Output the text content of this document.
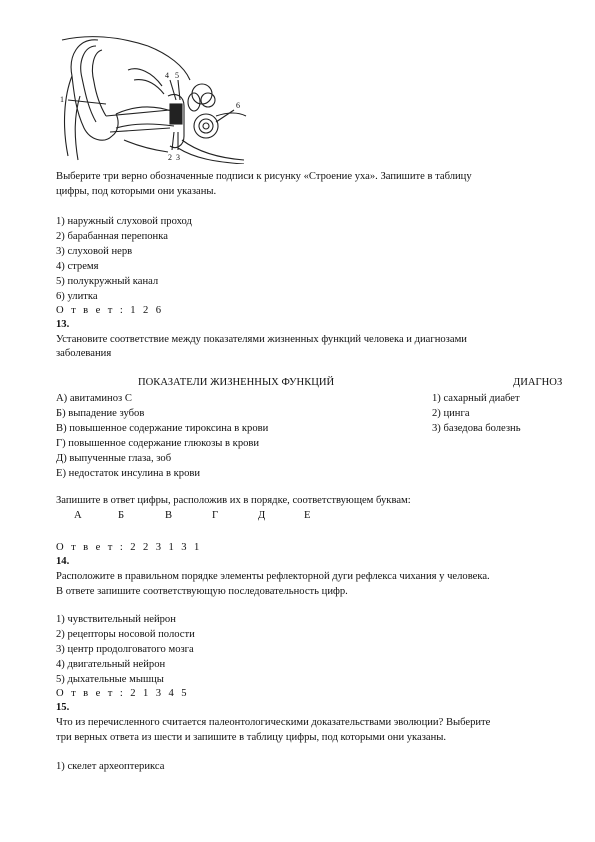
1
2 3
4 5
6
Выберите три верно обозначенные подписи к рисунку «Строение уха». Запишите в таблицу
цифры, под которыми они указаны.
1) наружный слуховой проход
2) барабанная перепонка
3) слуховой нерв
4) стремя
5) полукружный канал
6) улитка
О т в е т : 1 2 6
13.
Установите соответствие между показателями жизненных функций человека и диагнозами
заболевания
ПОКАЗАТЕЛИ ЖИЗНЕННЫХ ФУНКЦИЙ	ДИАГНОЗ
А) авитаминоз С
Б) выпадение зубов
В) повышенное содержание тироксина в крови
Г) повышенное содержание глюкозы в крови
Д) выпученные глаза, зоб
Е) недостаток инсулина в крови
1) сахарный диабет
2) цинга
3) базедова болезнь
Запишите в ответ цифры, расположив их в порядке, соответствующем буквам:
А	Б	В	Г	Д	Е
О т в е т : 2 2 3 1 3 1
14.
Расположите в правильном порядке элементы рефлекторной дуги рефлекса чихания у человека.
В ответе запишите соответствующую последовательность цифр.
1) чувствительный нейрон
2) рецепторы носовой полости
3) центр продолговатого мозга
4) двигательный нейрон
5) дыхательные мышцы
О т в е т : 2 1 3 4 5
15.
Что из перечисленного считается палеонтологическими доказательствами эволюции? Выберите
три верных ответа из шести и запишите в таблицу цифры, под которыми они указаны.
1) скелет археоптерикса
